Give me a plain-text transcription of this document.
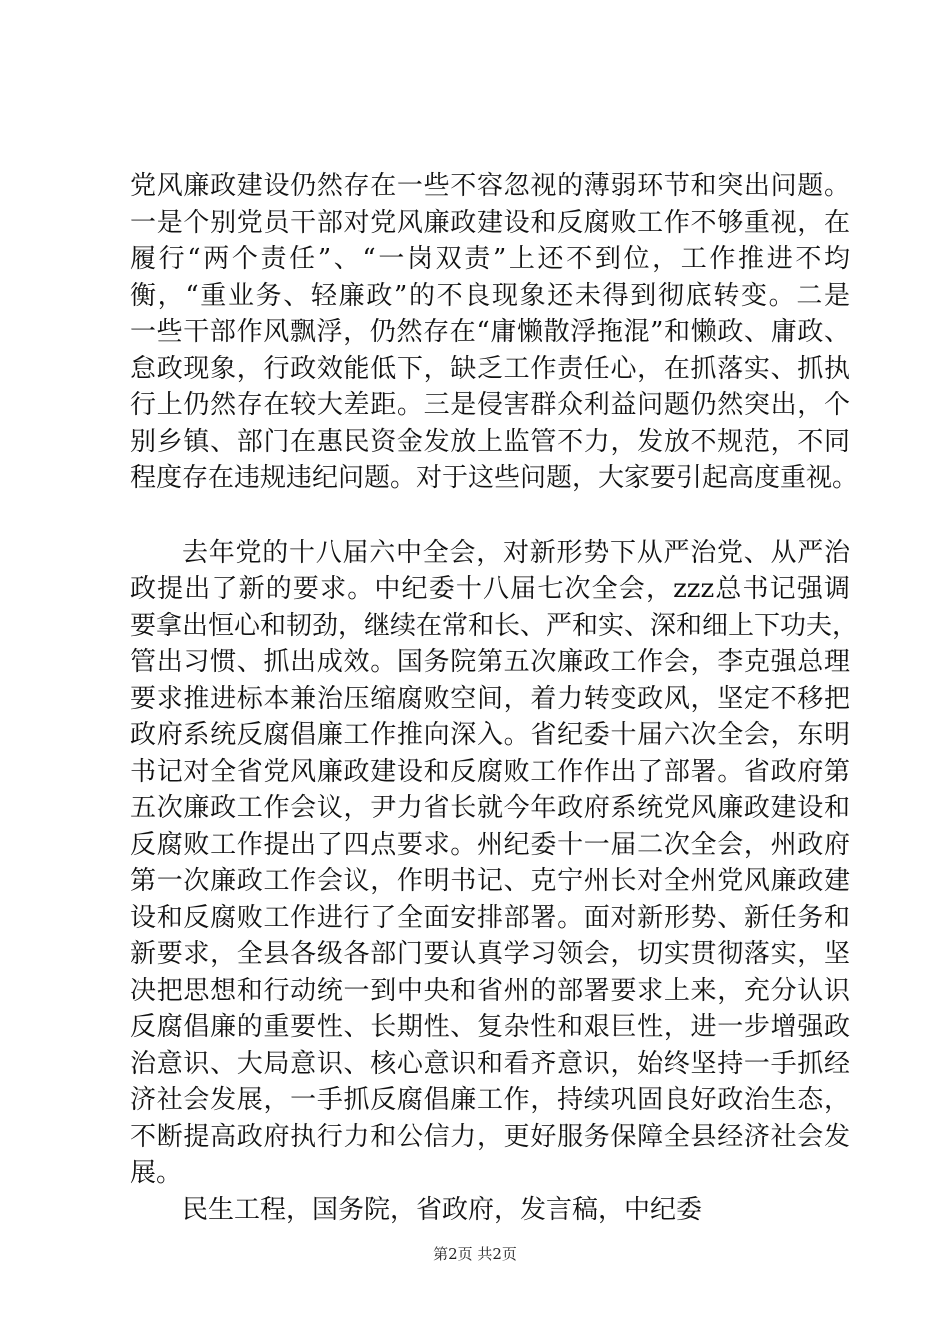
党风廉政建设仍然存在一些不容忽视的薄弱环节和突出问题。
一是个别党员干部对党风廉政建设和反腐败工作不够重视，在
履行“两个责任”、“一岗双责”上还不到位，工作推进不均
衡，“重业务、轻廉政”的不良现象还未得到彻底转变。二是
一些干部作风飘浮，仍然存在“庸懒散浮拖混”和懒政、庸政、
怠政现象，行政效能低下，缺乏工作责任心，在抓落实、抓执
行上仍然存在较大差距。三是侵害群众利益问题仍然突出，个
别乡镇、部门在惠民资金发放上监管不力，发放不规范，不同
程度存在违规违纪问题。对于这些问题，大家要引起高度重视。
去年党的十八届六中全会，对新形势下从严治党、从严治
政提出了新的要求。中纪委十八届七次全会，zzz总书记强调
要拿出恒心和韧劲，继续在常和长、严和实、深和细上下功夫，
管出习惯、抓出成效。国务院第五次廉政工作会，李克强总理
要求推进标本兼治压缩腐败空间，着力转变政风，坚定不移把
政府系统反腐倡廉工作推向深入。省纪委十届六次全会，东明
书记对全省党风廉政建设和反腐败工作作出了部署。省政府第
五次廉政工作会议，尹力省长就今年政府系统党风廉政建设和
反腐败工作提出了四点要求。州纪委十一届二次全会，州政府
第一次廉政工作会议，作明书记、克宁州长对全州党风廉政建
设和反腐败工作进行了全面安排部署。面对新形势、新任务和
新要求，全县各级各部门要认真学习领会，切实贯彻落实，坚
决把思想和行动统一到中央和省州的部署要求上来，充分认识
反腐倡廉的重要性、长期性、复杂性和艰巨性，进一步增强政
治意识、大局意识、核心意识和看齐意识，始终坚持一手抓经
济社会发展，一手抓反腐倡廉工作，持续巩固良好政治生态，
不断提高政府执行力和公信力，更好服务保障全县经济社会发
展。
民生工程，国务院，省政府，发言稿，中纪委
第2页 共2页
